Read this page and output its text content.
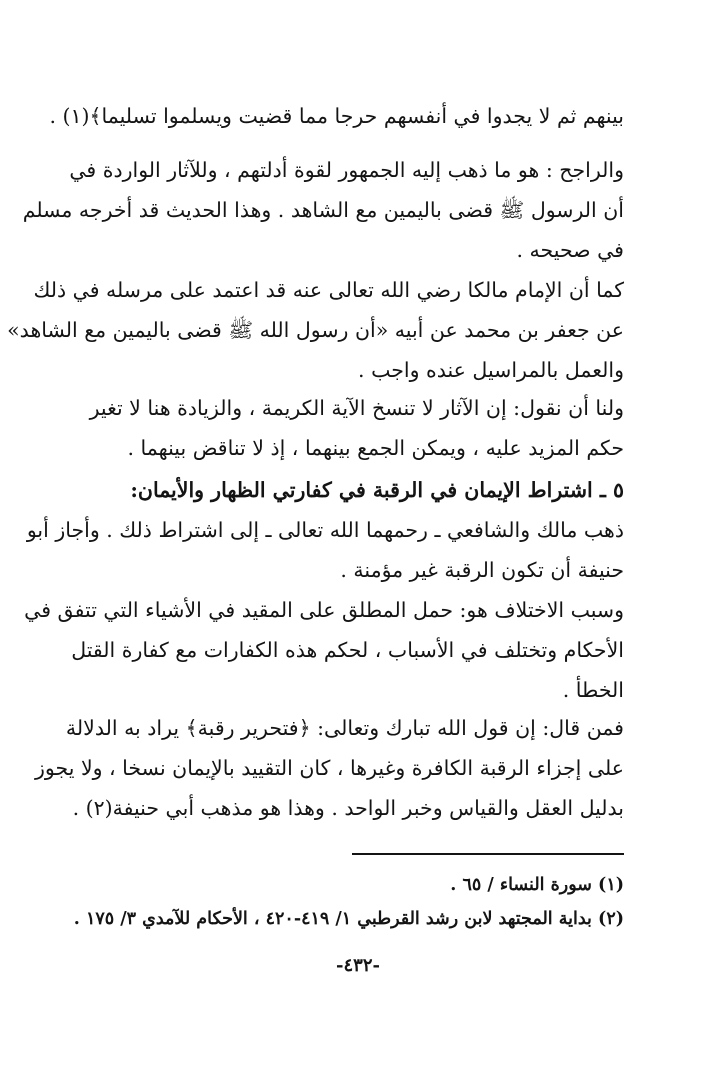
بينهم ثم لا يجدوا في أنفسهم حرجا مما قضيت ويسلموا تسليما﴾(١) .
والراجح : هو ما ذهب إليه الجمهور لقوة أدلتهم ، وللآثار الواردة في
أن الرسول ﷺ قضى باليمين مع الشاهد . وهذا الحديث قد أخرجه مسلم
في صحيحه .
كما أن الإمام مالكا رضي الله تعالى عنه قد اعتمد على مرسله في ذلك
عن جعفر بن محمد عن أبيه «أن رسول الله ﷺ قضى باليمين مع الشاهد»
والعمل بالمراسيل عنده واجب .
ولنا أن نقول: إن الآثار لا تنسخ الآية الكريمة ، والزيادة هنا لا تغير
حكم المزيد عليه ، ويمكن الجمع بينهما ، إذ لا تناقض بينهما .
٥ ـ اشتراط الإيمان في الرقبة في كفارتي الظهار والأيمان:
ذهب مالك والشافعي ـ رحمهما الله تعالى ـ إلى اشتراط ذلك . وأجاز أبو
حنيفة أن تكون الرقبة غير مؤمنة .
وسبب الاختلاف هو: حمل المطلق على المقيد في الأشياء التي تتفق في
الأحكام وتختلف في الأسباب ، لحكم هذه الكفارات مع كفارة القتل
الخطأ .
فمن قال: إن قول الله تبارك وتعالى: ﴿فتحرير رقبة﴾ يراد به الدلالة
على إجزاء الرقبة الكافرة وغيرها ، كان التقييد بالإيمان نسخا ، ولا يجوز
بدليل العقل والقياس وخبر الواحد . وهذا هو مذهب أبي حنيفة(٢) .
(١) سورة النساء / ٦٥ .
(٢) بداية المجتهد لابن رشد القرطبي ١/ ٤١٩-٤٢٠ ، الأحكام للآمدي ٣/ ١٧٥ .
-٤٣٢-
